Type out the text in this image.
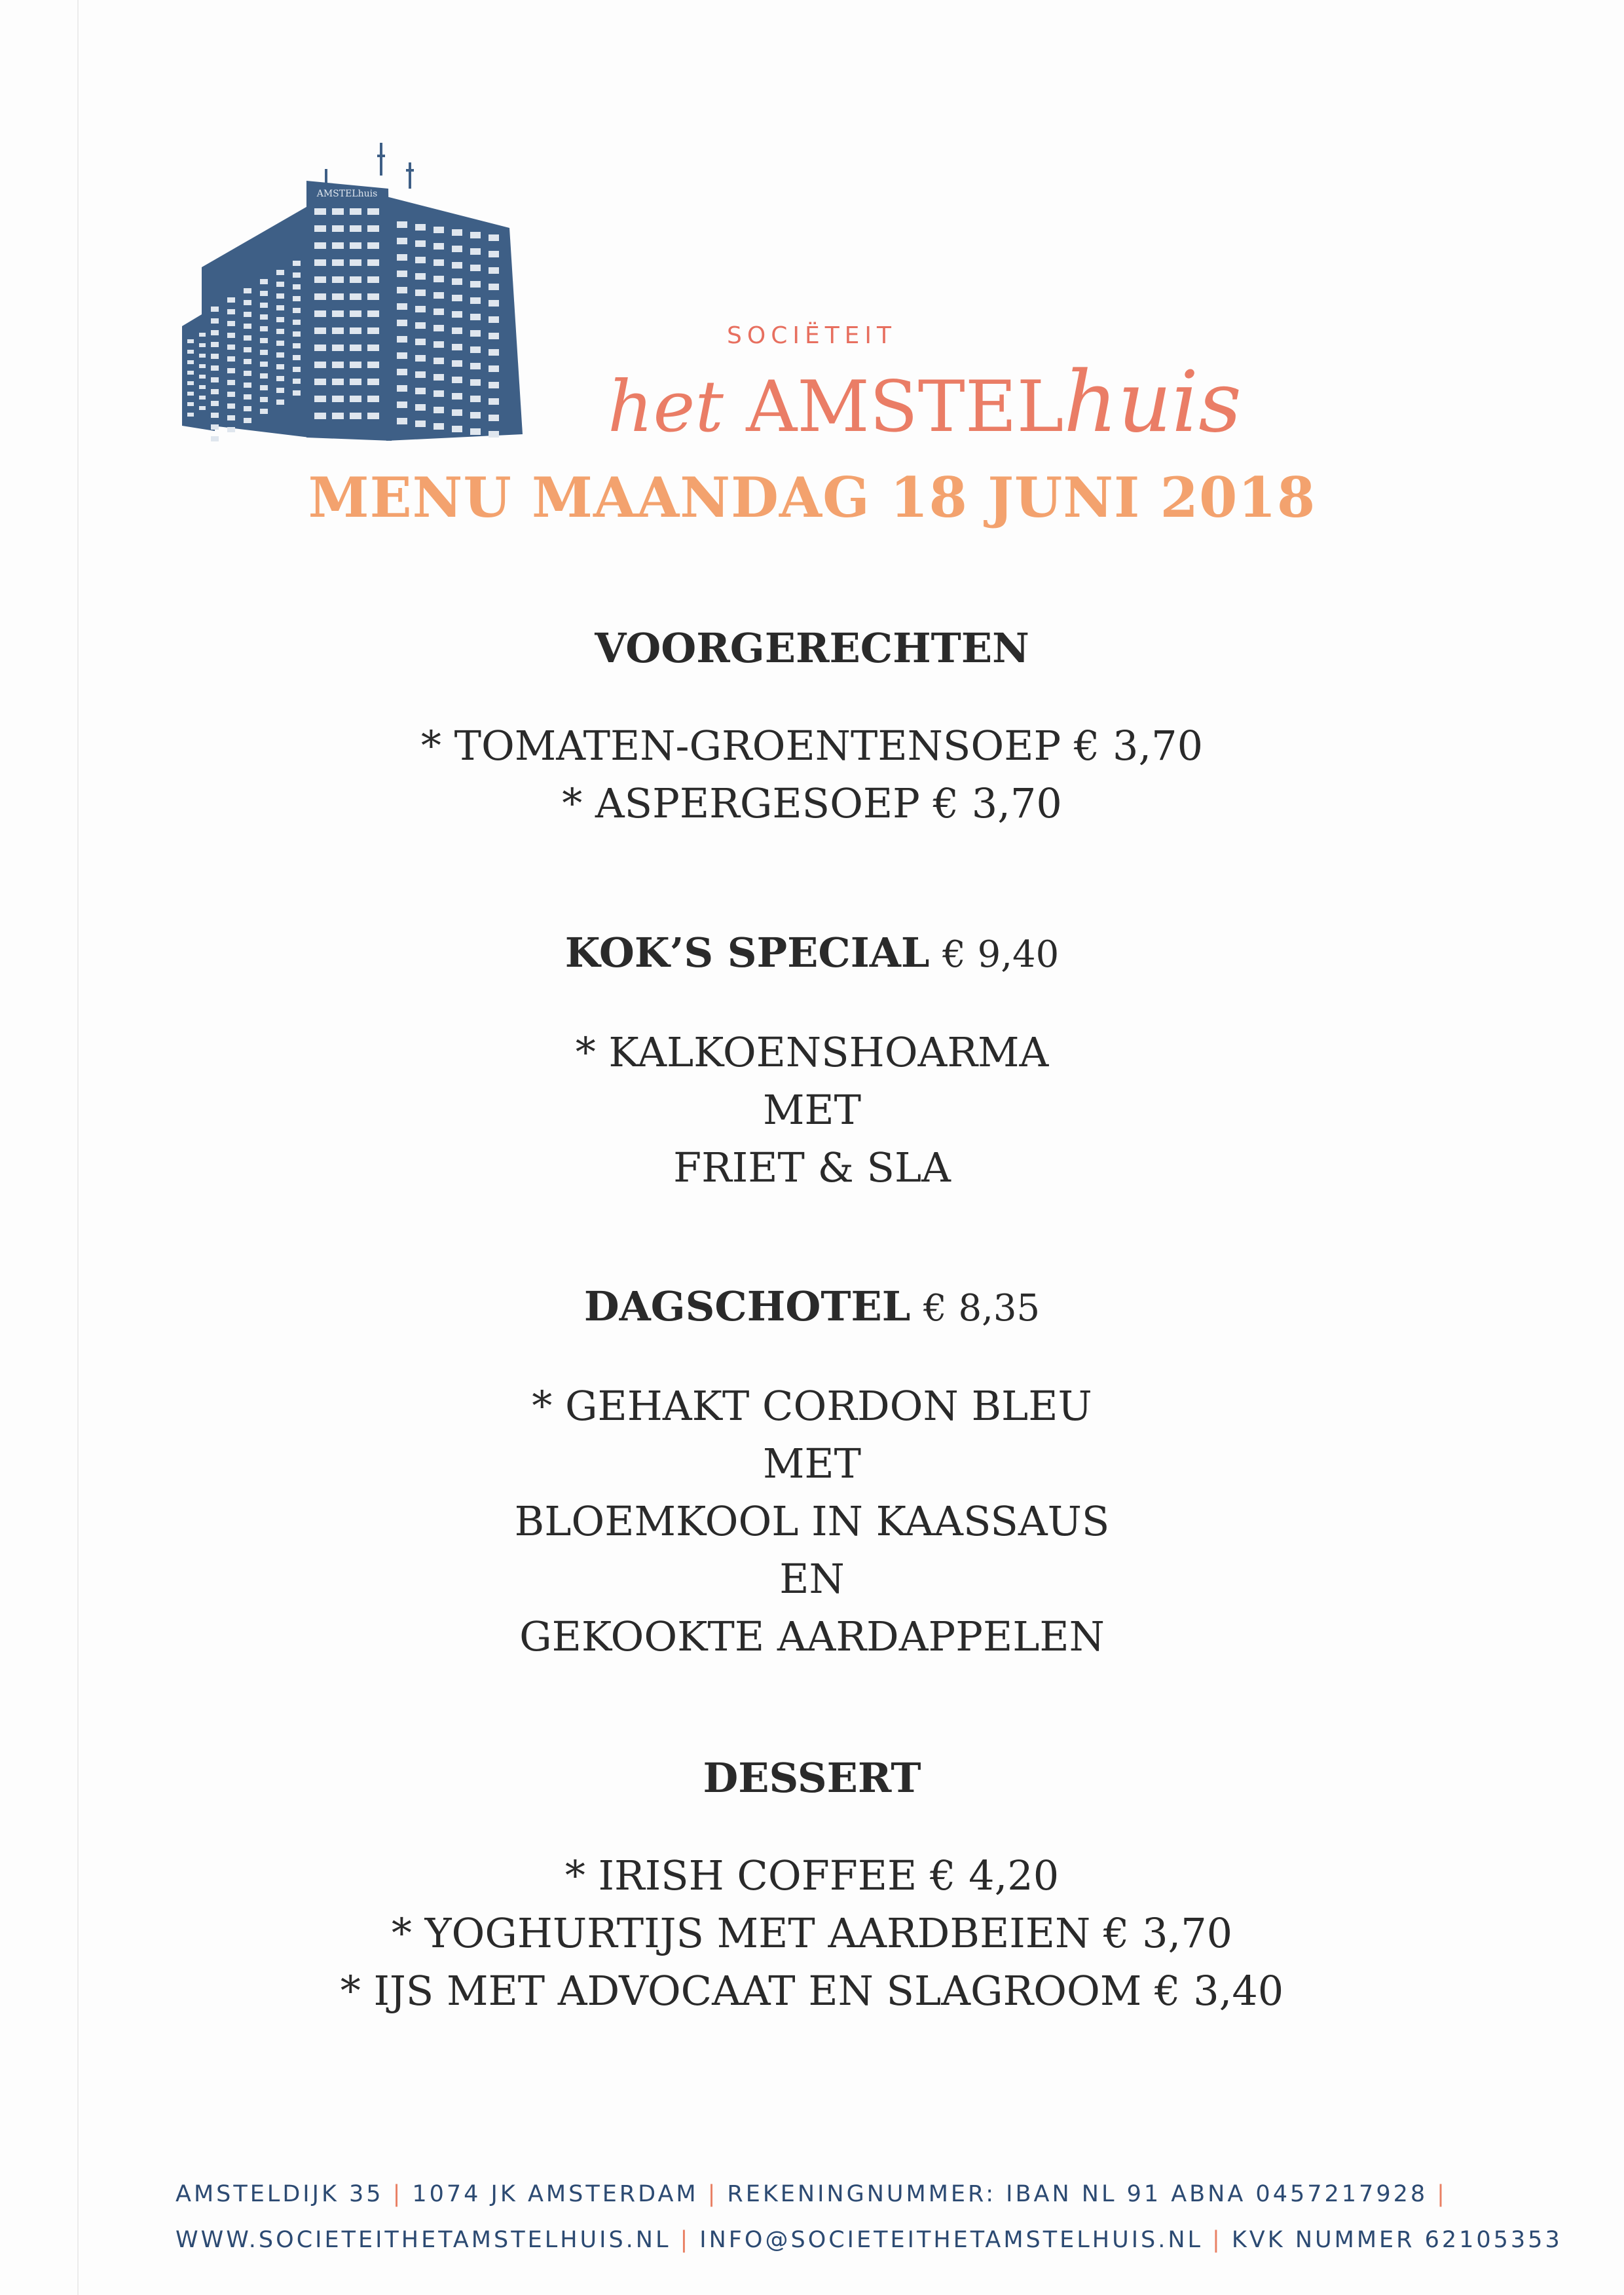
AMSTELhuis
SOCIËTEIT
het AMSTELhuis
MENU MAANDAG 18 JUNI 2018
VOORGERECHTEN
* TOMATEN-GROENTENSOEP € 3,70
* ASPERGESOEP € 3,70
KOK’S SPECIAL € 9,40
* KALKOENSHOARMA
MET
FRIET & SLA
DAGSCHOTEL € 8,35
* GEHAKT CORDON BLEU
MET
BLOEMKOOL IN KAASSAUS
EN
GEKOOKTE AARDAPPELEN
DESSERT
* IRISH COFFEE € 4,20
* YOGHURTIJS MET AARDBEIEN € 3,70
* IJS MET ADVOCAAT EN SLAGROOM € 3,40
AMSTELDIJK 35 | 1074 JK AMSTERDAM | REKENINGNUMMER: IBAN NL 91 ABNA 0457217928 |
WWW.SOCIETEITHETAMSTELHUIS.NL | INFO@SOCIETEITHETAMSTELHUIS.NL | KVK NUMMER 62105353
